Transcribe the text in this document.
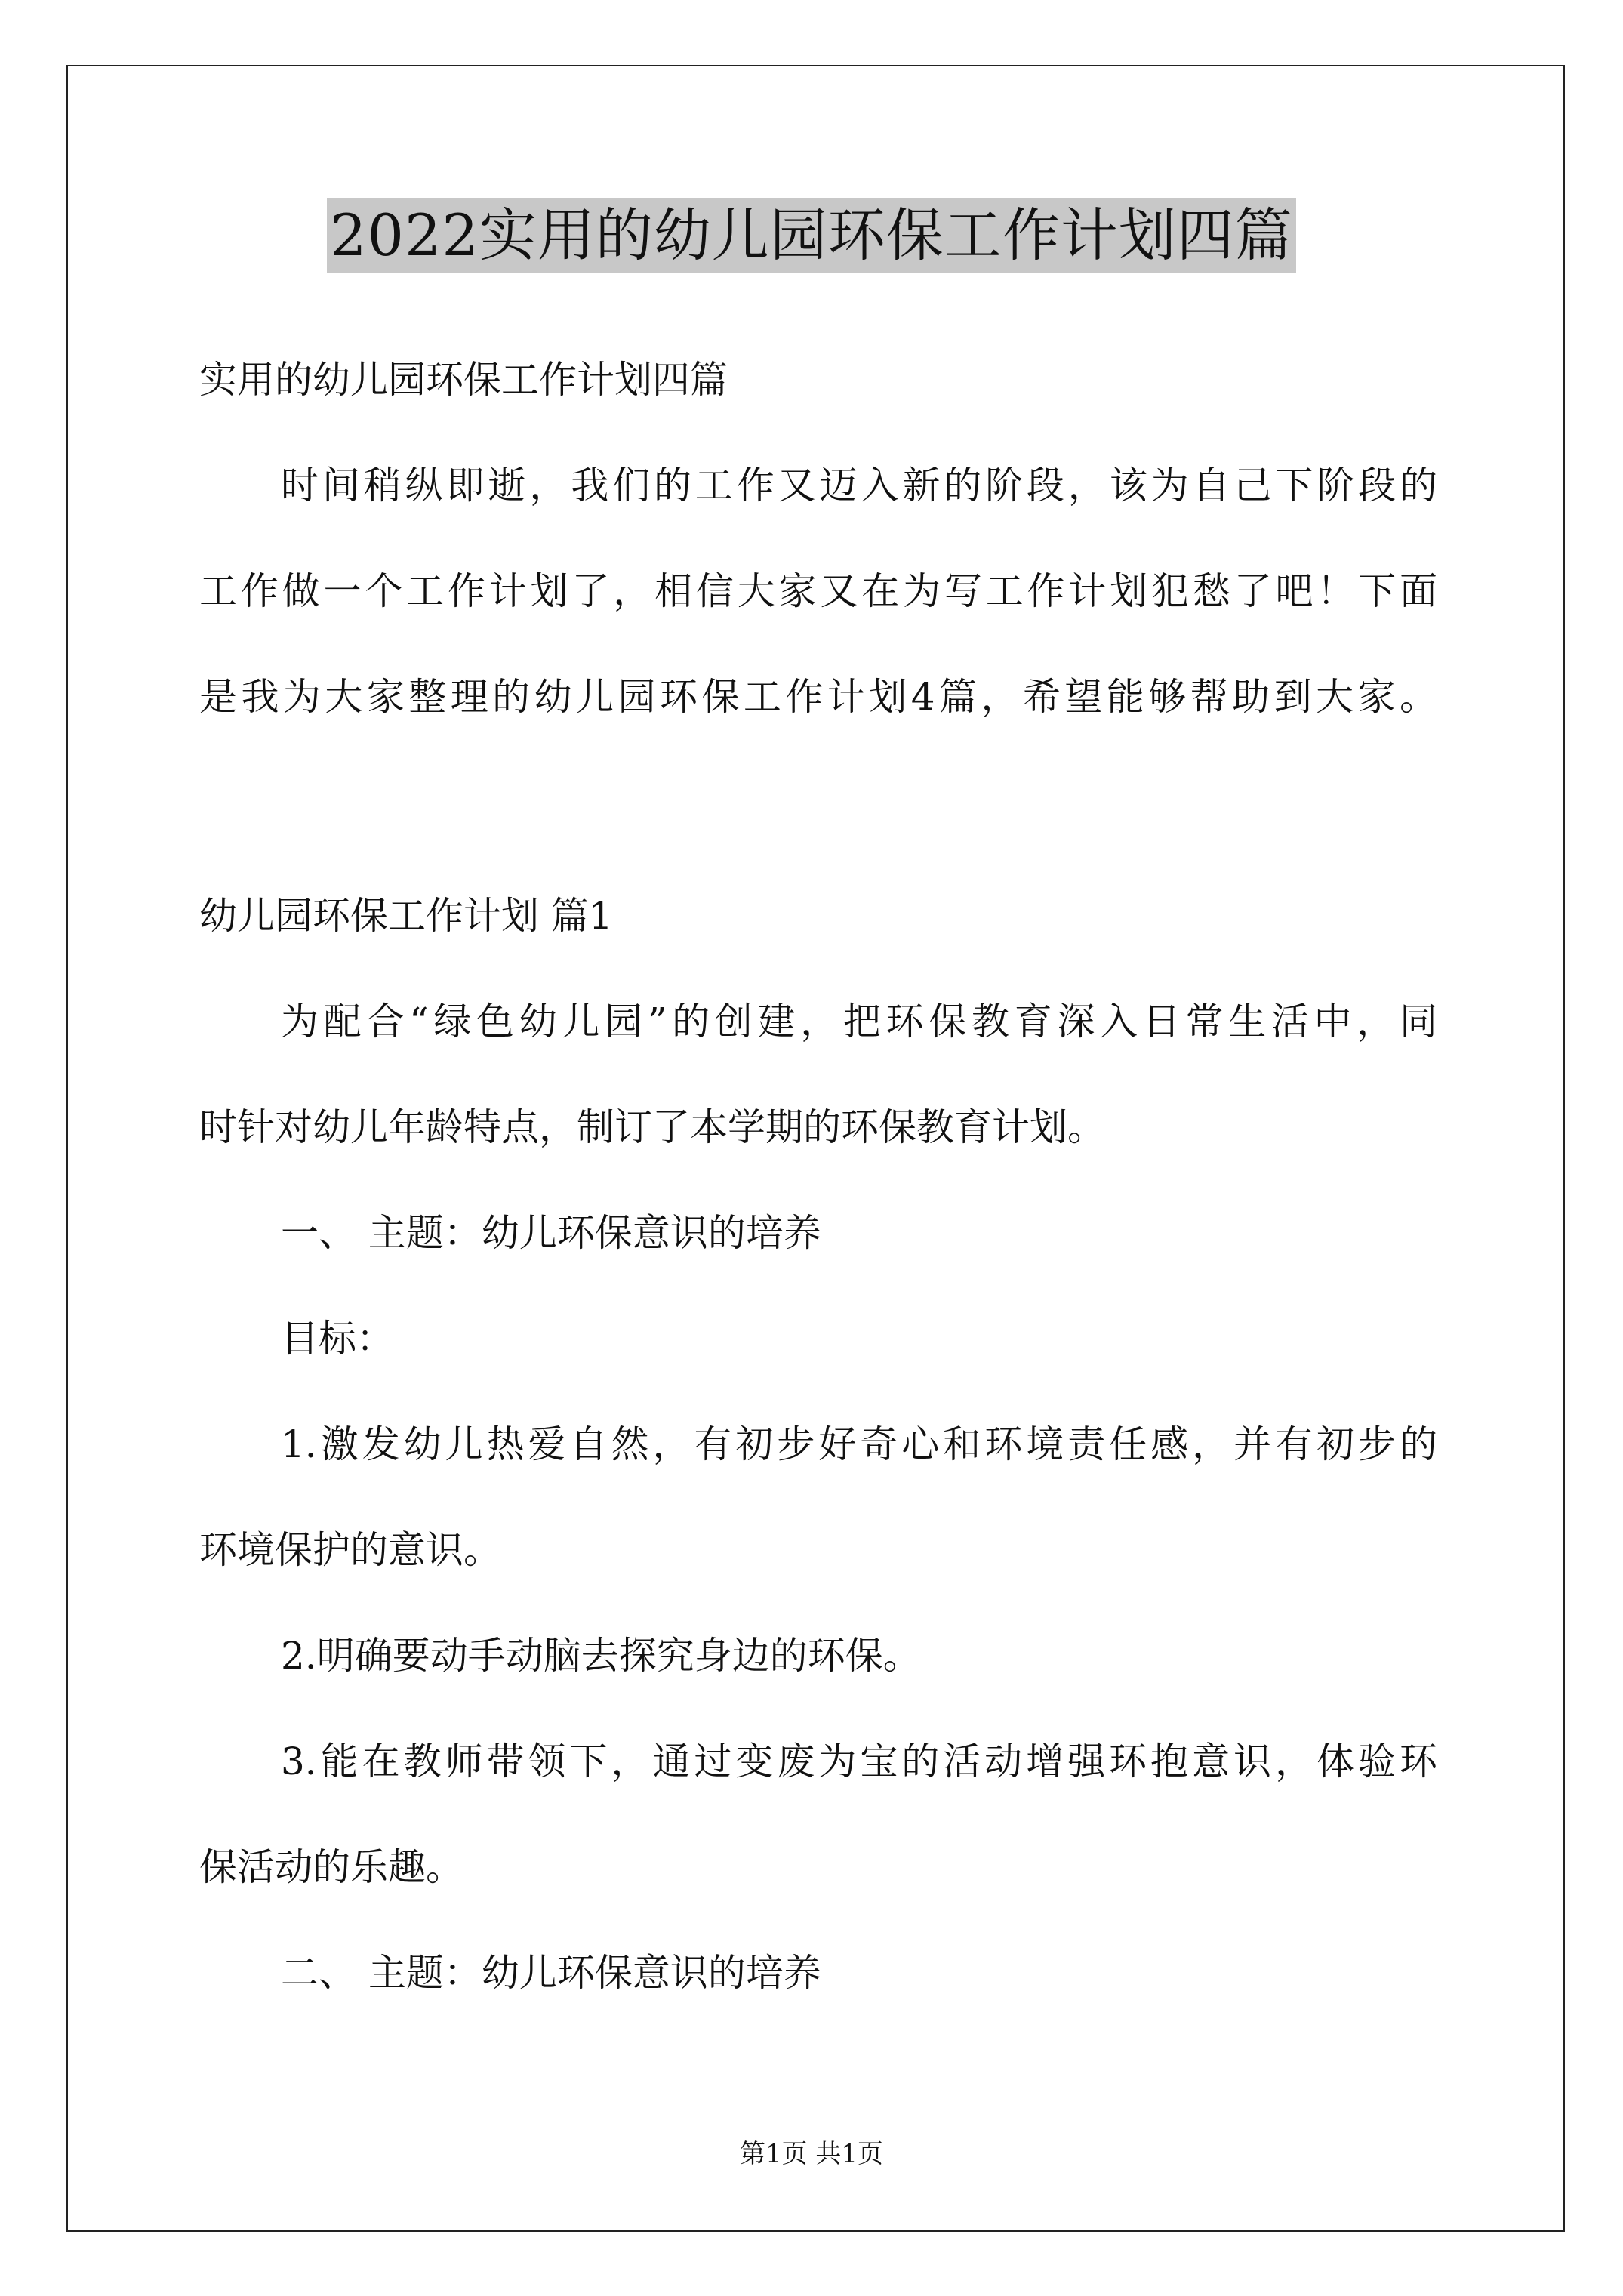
2022实用的幼儿园环保工作计划四篇
实用的幼儿园环保工作计划四篇
时间稍纵即逝，我们的工作又迈入新的阶段，该为自己下阶段的
工作做一个工作计划了，相信大家又在为写工作计划犯愁了吧！下面
是我为大家整理的幼儿园环保工作计划4篇，希望能够帮助到大家。
幼儿园环保工作计划 篇1
为配合“绿色幼儿园”的创建，把环保教育深入日常生活中，同
时针对幼儿年龄特点，制订了本学期的环保教育计划。
一、 主题：幼儿环保意识的培养
目标：
1.激发幼儿热爱自然，有初步好奇心和环境责任感，并有初步的
环境保护的意识。
2.明确要动手动脑去探究身边的环保。
3.能在教师带领下，通过变废为宝的活动增强环抱意识，体验环
保活动的乐趣。
二、 主题：幼儿环保意识的培养
第1页 共1页
